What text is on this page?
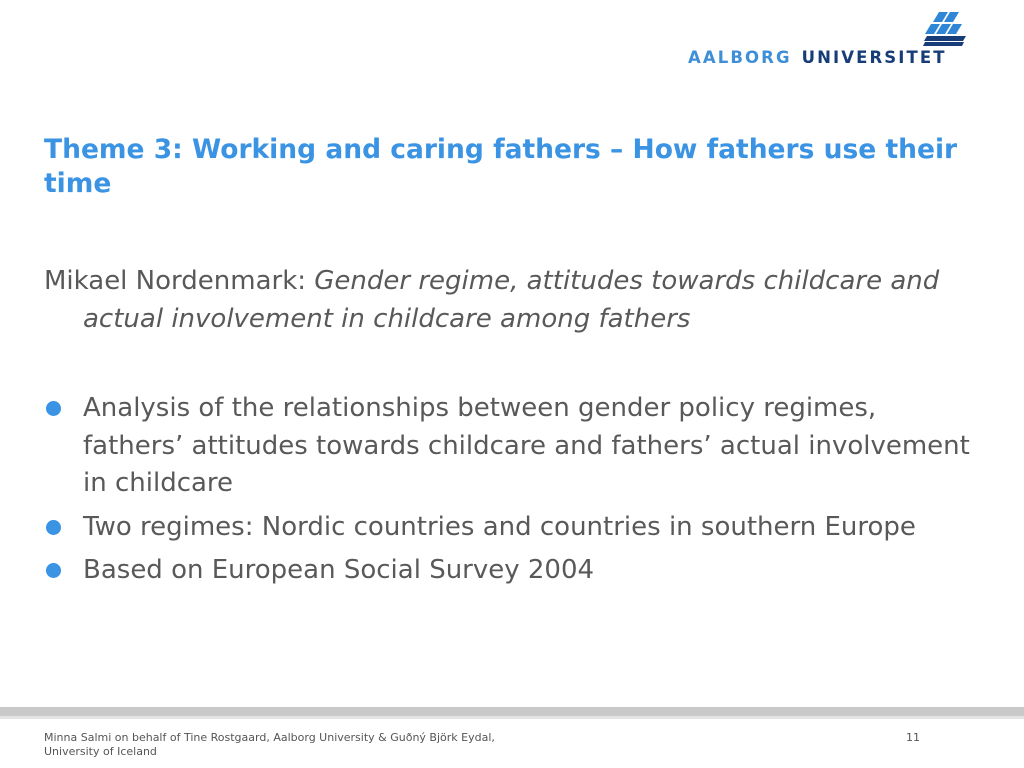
AALBORG UNIVERSITET
Theme 3: Working and caring fathers – How fathers use their time

Mikael Nordenmark: Gender regime, attitudes towards childcare and actual involvement in childcare among fathers

Analysis of the relationships between gender policy regimes, fathers’ attitudes towards childcare and fathers’ actual involvement in childcare
Two regimes: Nordic countries and countries in southern Europe
Based on European Social Survey 2004
Minna Salmi on behalf of Tine Rostgaard, Aalborg University & Guðný Björk Eydal, University of Iceland
11
